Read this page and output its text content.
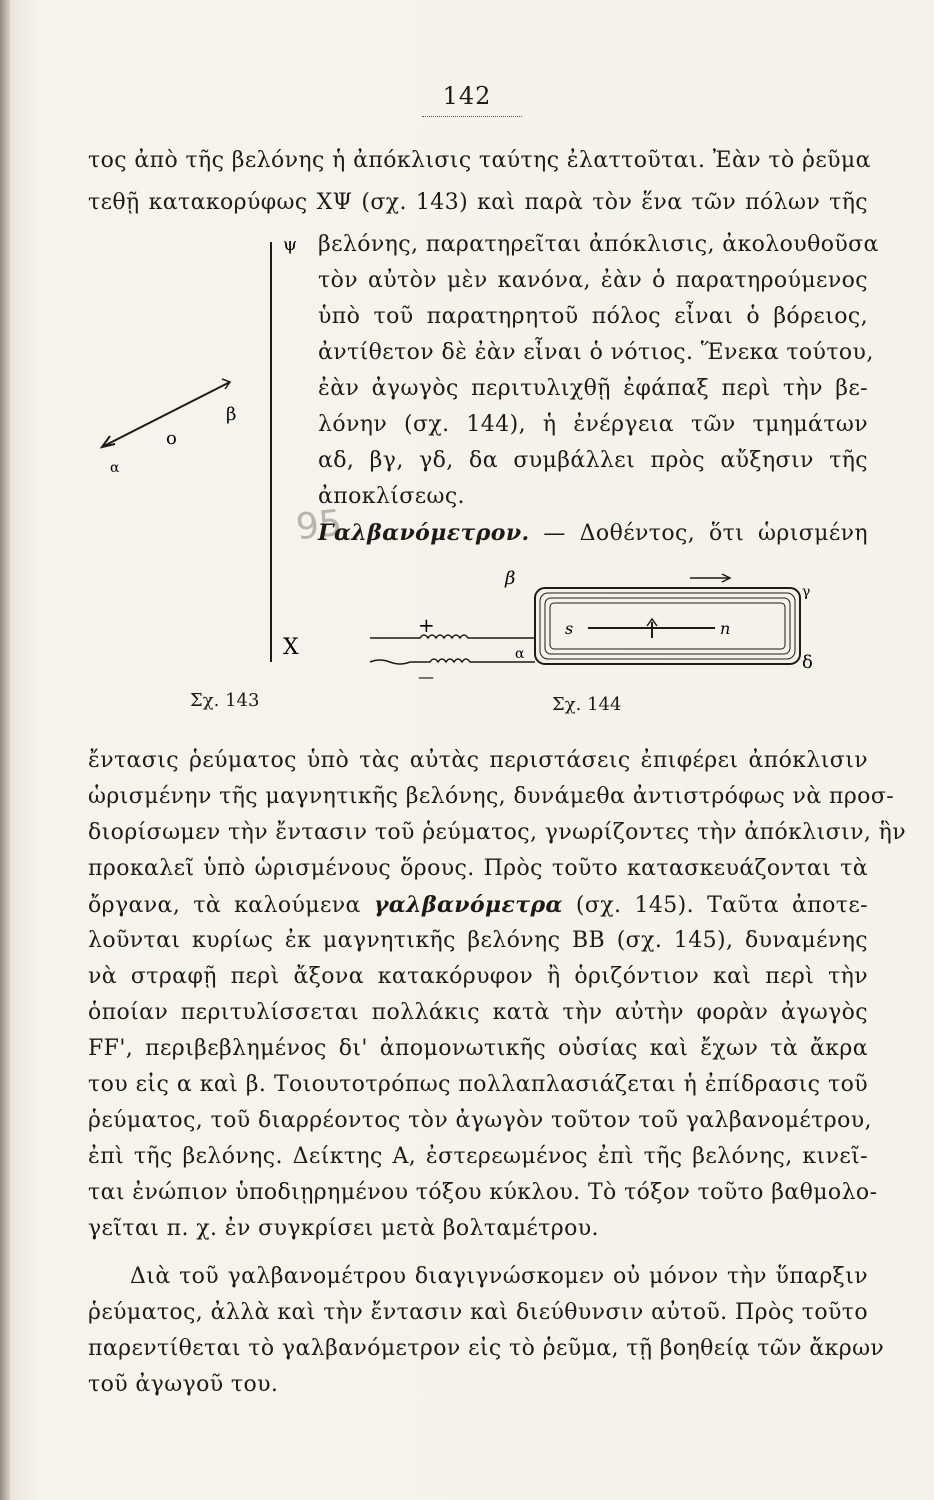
142
τος ἀπὸ τῆς βελόνης ἡ ἀπόκλισις ταύτης ἐλαττοῦται. Ἐὰν τὸ ῥεῦμα
τεθῇ κατακορύφως ΧΨ (σχ. 143) καὶ παρὰ τὸν ἕνα τῶν πόλων τῆς
ψ
Χ
ο
β
α
βελόνης, παρατηρεῖται ἀπόκλισις, ἀκολουθοῦσα
τὸν αὐτὸν μὲν κανόνα, ἐὰν ὁ παρατηρούμενος
ὑπὸ τοῦ παρατηρητοῦ πόλος εἶναι ὁ βόρειος,
ἀντίθετον δὲ ἐὰν εἶναι ὁ νότιος. Ἕνεκα τούτου,
ἐὰν ἀγωγὸς περιτυλιχθῇ ἐφάπαξ περὶ τὴν βε-
λόνην (σχ. 144), ἡ ἐνέργεια τῶν τμημάτων
αδ, βγ, γδ, δα συμβάλλει πρὸς αὔξησιν τῆς
ἀποκλίσεως.
95
Γαλβανόμετρον. — Δοθέντος, ὅτι ὡρισμένη
+
—
β
α
s	n
δ
γ
Σχ. 143	Σχ. 144
ἔντασις ῥεύματος ὑπὸ τὰς αὐτὰς περιστάσεις ἐπιφέρει ἀπόκλισιν
ὡρισμένην τῆς μαγνητικῆς βελόνης, δυνάμεθα ἀντιστρόφως νὰ προσ-
διορίσωμεν τὴν ἔντασιν τοῦ ῥεύματος, γνωρίζοντες τὴν ἀπόκλισιν, ἣν
προκαλεῖ ὑπὸ ὡρισμένους ὅρους. Πρὸς τοῦτο κατασκευάζονται τὰ
ὄργανα, τὰ καλούμενα γαλβανόμετρα (σχ. 145). Ταῦτα ἀποτε-
λοῦνται κυρίως ἐκ μαγνητικῆς βελόνης ΒΒ (σχ. 145), δυναμένης
νὰ στραφῇ περὶ ἄξονα κατακόρυφον ἢ ὁριζόντιον καὶ περὶ τὴν
ὁποίαν περιτυλίσσεται πολλάκις κατὰ τὴν αὐτὴν φορὰν ἀγωγὸς
FF', περιβεβλημένος δι' ἀπομονωτικῆς οὐσίας καὶ ἔχων τὰ ἄκρα
του εἰς α καὶ β. Τοιουτοτρόπως πολλαπλασιάζεται ἡ ἐπίδρασις τοῦ
ῥεύματος, τοῦ διαρρέοντος τὸν ἀγωγὸν τοῦτον τοῦ γαλβανομέτρου,
ἐπὶ τῆς βελόνης. Δείκτης Α, ἐστερεωμένος ἐπὶ τῆς βελόνης, κινεῖ-
ται ἐνώπιον ὑποδιῃρημένου τόξου κύκλου. Τὸ τόξον τοῦτο βαθμολο-
γεῖται π. χ. ἐν συγκρίσει μετὰ βολταμέτρου.
Διὰ τοῦ γαλβανομέτρου διαγιγνώσκομεν οὐ μόνον τὴν ὕπαρξιν
ῥεύματος, ἀλλὰ καὶ τὴν ἔντασιν καὶ διεύθυνσιν αὐτοῦ. Πρὸς τοῦτο
παρεντίθεται τὸ γαλβανόμετρον εἰς τὸ ῥεῦμα, τῇ βοηθείᾳ τῶν ἄκρων
τοῦ ἀγωγοῦ του.
